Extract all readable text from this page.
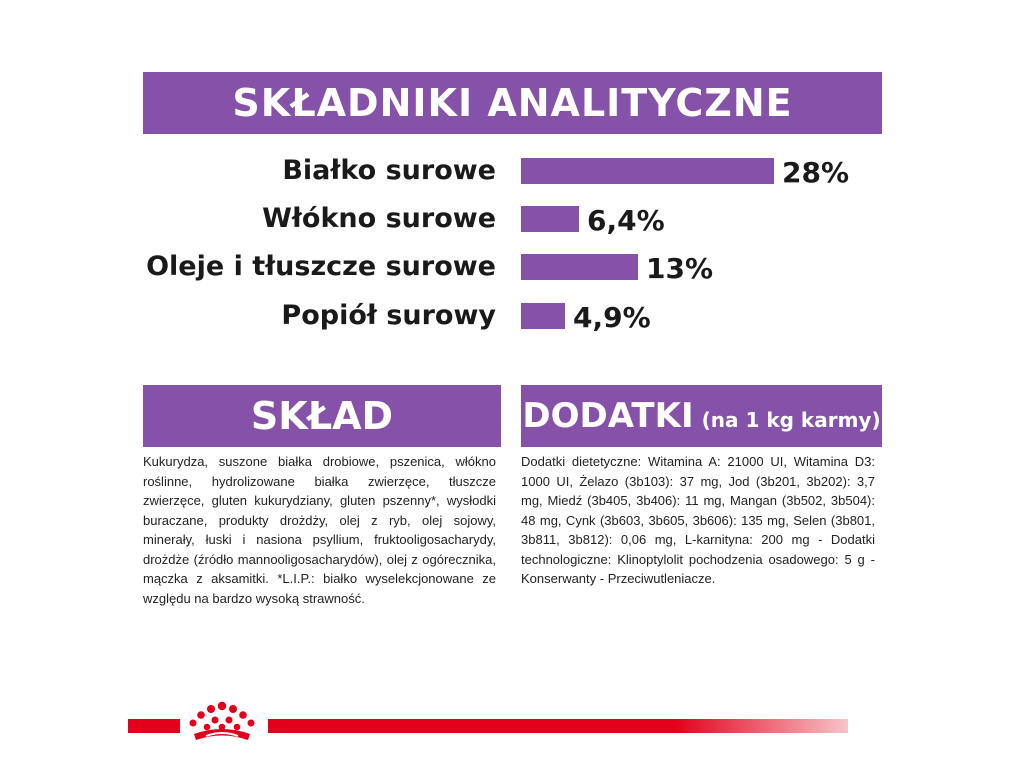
SKŁADNIKI ANALITYCZNE
Białko surowe	28%
Włókno surowe	6,4%
Oleje i tłuszcze surowe	13%
Popiół surowy	4,9%
SKŁAD
Kukurydza, suszone białka drobiowe, pszenica, włókno roślinne, hydrolizowane białka zwierzęce, tłuszcze zwierzęce, gluten kukurydziany, gluten pszenny*, wysłodki buraczane, produkty drożdży, olej z ryb, olej sojowy, minerały, łuski i nasiona psyllium, fruktooligosacharydy, drożdże (źródło mannooligosacharydów), olej z ogórecznika, mączka z aksamitki. *L.I.P.: białko wyselekcjonowane ze względu na bardzo wysoką strawność.
DODATKI (na 1 kg karmy)
Dodatki dietetyczne: Witamina A: 21000 UI, Witamina D3: 1000 UI, Żelazo (3b103): 37 mg, Jod (3b201, 3b202): 3,7 mg, Miedź (3b405, 3b406): 11 mg, Mangan (3b502, 3b504): 48 mg, Cynk (3b603, 3b605, 3b606): 135 mg, Selen (3b801, 3b811, 3b812): 0,06 mg, L-karnityna: 200 mg - Dodatki technologiczne: Klinoptylolit pochodzenia osadowego: 5 g - Konserwanty - Przeciwutleniacze.
